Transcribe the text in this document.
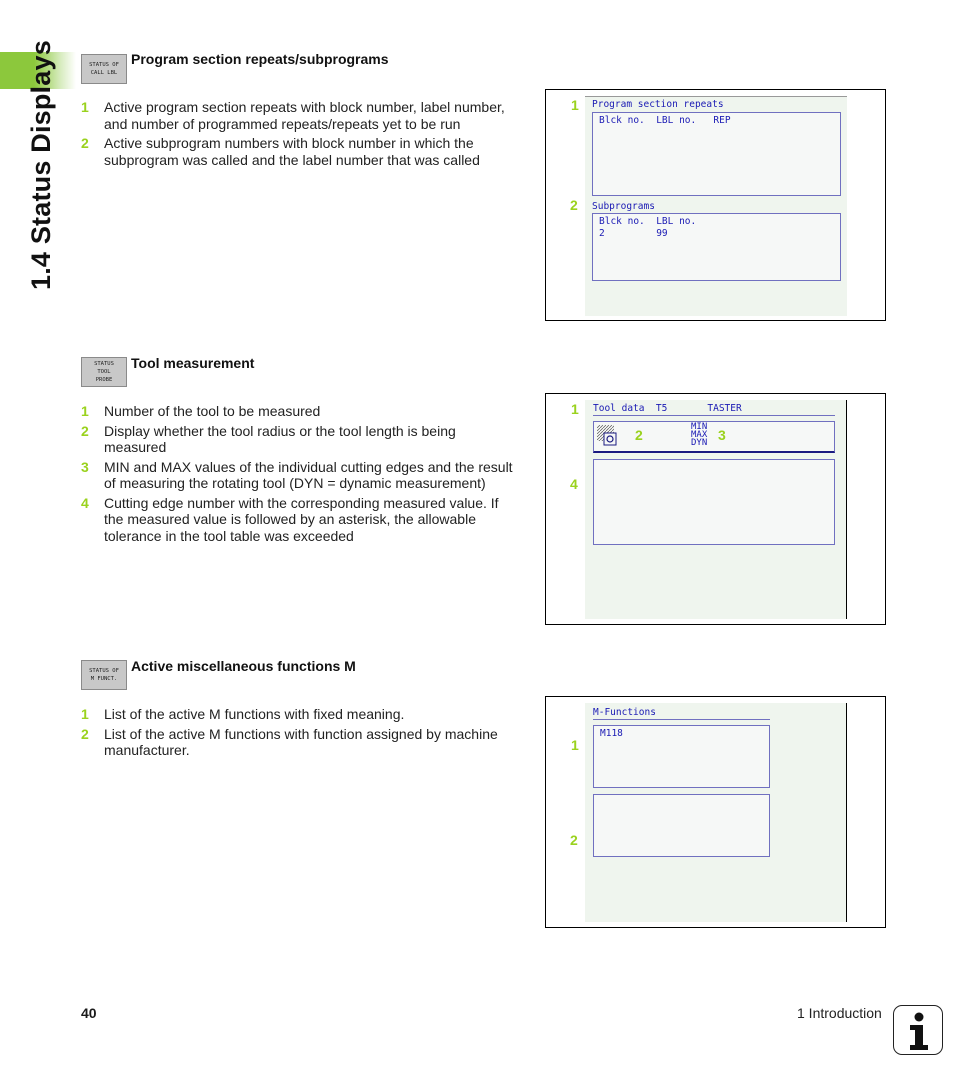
1.4 Status Displays	STATUS OF
CALL LBL
Program section repeats/subprograms
1	Active program section repeats with block number, label number, and number of programmed repeats/repeats yet to be run
2	Active subprogram numbers with block number in which the subprogram was called and the label number that was called
1 Program section repeats
Blck no.  LBL no.   REP
2 Subprograms
Blck no.  LBL no.
2         99
STATUS
TOOL
PROBE
Tool measurement
1	Number of the tool to be measured
2	Display whether the tool radius or the tool length is being measured
3	MIN and MAX values of the individual cutting edges and the result of measuring the rotating tool (DYN = dynamic measurement)
4	Cutting edge number with the corresponding measured value. If the measured value is followed by an asterisk, the allowable tolerance in the tool table was exceeded
1 Tool data  T5       TASTER
2	MIN
MAX
DYN 3
4
STATUS OF
M FUNCT.
Active miscellaneous functions M
1	List of the active M functions with fixed meaning.
2	List of the active M functions with function assigned by machine manufacturer.
M-Functions
M118
1
2
40	1 Introduction
